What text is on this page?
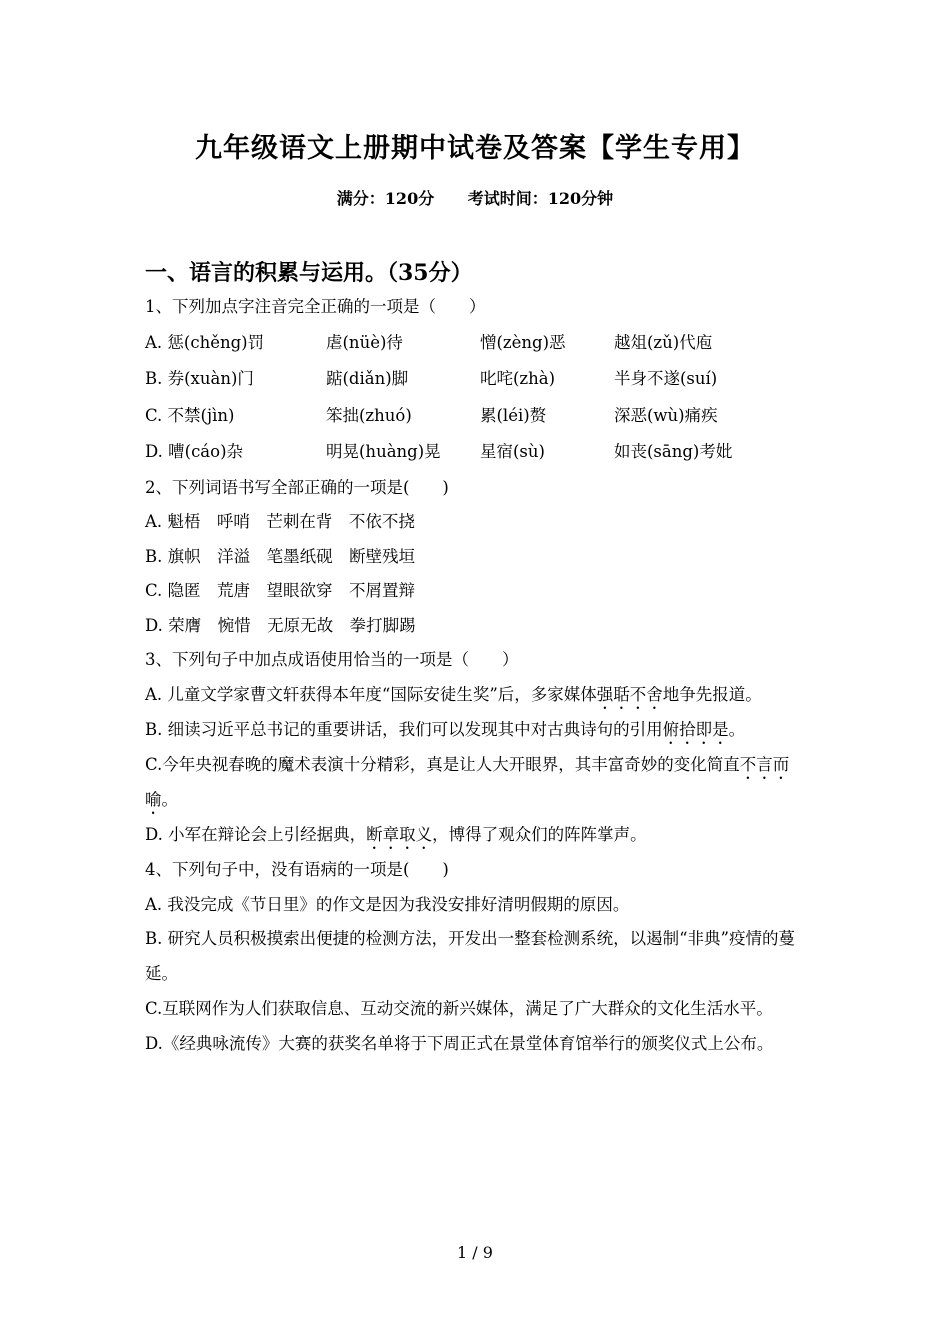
九年级语文上册期中试卷及答案【学生专用】
满分：120分 考试时间：120分钟
一、语言的积累与运用。（35分）
1、下列加点字注音完全正确的一项是（　　）
A. 惩(chěng)罚	虐(nüè)待	憎(zèng)恶	越俎(zǔ)代庖
B. 券(xuàn)门	踮(diǎn)脚	叱咤(zhà)	半身不遂(suí)
C. 不禁(jìn)	笨拙(zhuó)	累(léi)赘	深恶(wù)痛疾
D. 嘈(cáo)杂	明晃(huàng)晃	星宿(sù)	如丧(sāng)考妣
2、下列词语书写全部正确的一项是(　　)
A. 魁梧　呼哨　芒刺在背　不依不挠
B. 旗帜　洋溢　笔墨纸砚　断壁残垣
C. 隐匿　荒唐　望眼欲穿　不屑置辩
D. 荣膺　惋惜　无原无故　拳打脚踢
3、下列句子中加点成语使用恰当的一项是（　　）
A. 儿童文学家曹文轩获得本年度“国际安徒生奖”后，多家媒体强聒不舍地争先报道。
B. 细读习近平总书记的重要讲话，我们可以发现其中对古典诗句的引用俯拾即是。
C.今年央视春晚的魔术表演十分精彩，真是让人大开眼界，其丰富奇妙的变化简直不言而喻。
D. 小军在辩论会上引经据典，断章取义，博得了观众们的阵阵掌声。
4、下列句子中，没有语病的一项是(　　)
A. 我没完成《节日里》的作文是因为我没安排好清明假期的原因。
B. 研究人员积极摸索出便捷的检测方法，开发出一整套检测系统，以遏制“非典”疫情的蔓延。
C.互联网作为人们获取信息、互动交流的新兴媒体，满足了广大群众的文化生活水平。
D.《经典咏流传》大赛的获奖名单将于下周正式在景堂体育馆举行的颁奖仪式上公布。
1 / 9
